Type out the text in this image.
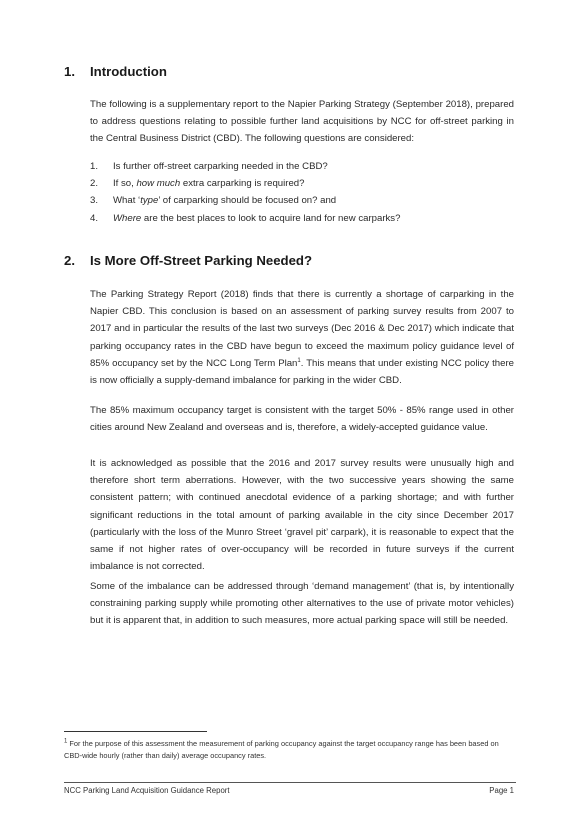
1. Introduction
The following is a supplementary report to the Napier Parking Strategy (September 2018), prepared to address questions relating to possible further land acquisitions by NCC for off-street parking in the Central Business District (CBD). The following questions are considered:
1. Is further off-street carparking needed in the CBD?
2. If so, how much extra carparking is required?
3. What ‘type’ of carparking should be focused on? and
4. Where are the best places to look to acquire land for new carparks?
2. Is More Off-Street Parking Needed?
The Parking Strategy Report (2018) finds that there is currently a shortage of carparking in the Napier CBD. This conclusion is based on an assessment of parking survey results from 2007 to 2017 and in particular the results of the last two surveys (Dec 2016 & Dec 2017) which indicate that parking occupancy rates in the CBD have begun to exceed the maximum policy guidance level of 85% occupancy set by the NCC Long Term Plan$^1$. This means that under existing NCC policy there is now officially a supply-demand imbalance for parking in the wider CBD.
The 85% maximum occupancy target is consistent with the target 50% - 85% range used in other cities around New Zealand and overseas and is, therefore, a widely-accepted guidance value.
It is acknowledged as possible that the 2016 and 2017 survey results were unusually high and therefore short term aberrations. However, with the two successive years showing the same consistent pattern; with continued anecdotal evidence of a parking shortage; and with further significant reductions in the total amount of parking available in the city since December 2017 (particularly with the loss of the Munro Street ‘gravel pit’ carpark), it is reasonable to expect that the same if not higher rates of over-occupancy will be recorded in future surveys if the current imbalance is not corrected.
Some of the imbalance can be addressed through ‘demand management’ (that is, by intentionally constraining parking supply while promoting other alternatives to the use of private motor vehicles) but it is apparent that, in addition to such measures, more actual parking space will still be needed.
$^1$ For the purpose of this assessment the measurement of parking occupancy against the target occupancy range has been based on CBD-wide hourly (rather than daily) average occupancy rates.
NCC Parking Land Acquisition Guidance Report	Page 1
